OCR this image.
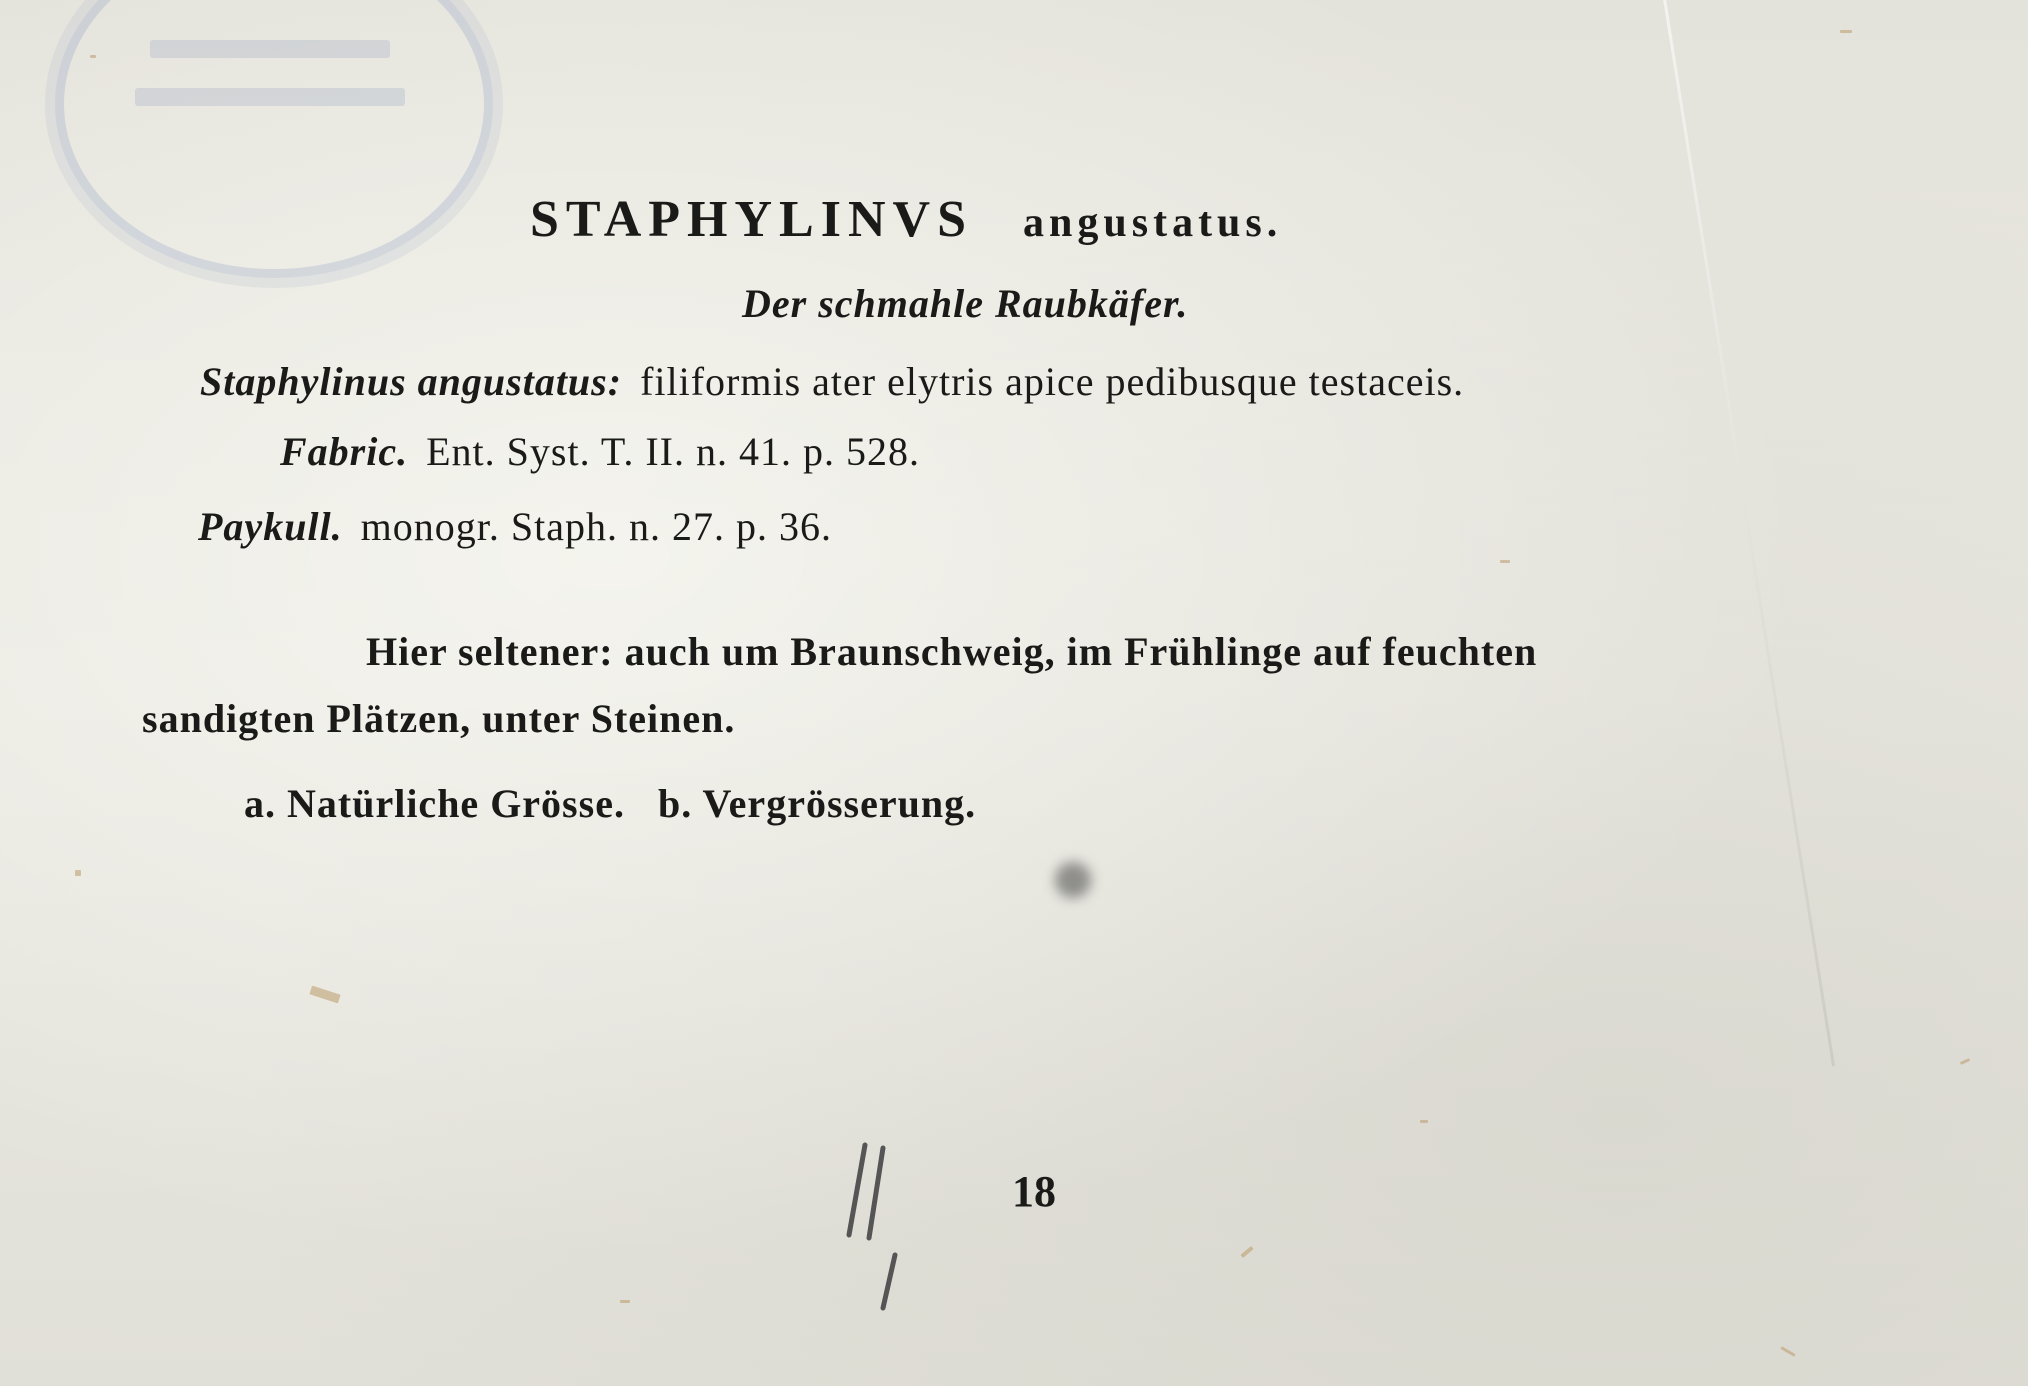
STAPHYLINVS angustatus.
Der schmahle Raubkäfer.
Staphylinus angustatus: filiformis ater elytris apice pedibusque testaceis.
Fabric. Ent. Syst. T. II. n. 41. p. 528.
Paykull. monogr. Staph. n. 27. p. 36.
Hier seltener: auch um Braunschweig, im Frühlinge auf feuchten
sandigten Plätzen, unter Steinen.
a. Natürliche Grösse.   b. Vergrösserung.
18
